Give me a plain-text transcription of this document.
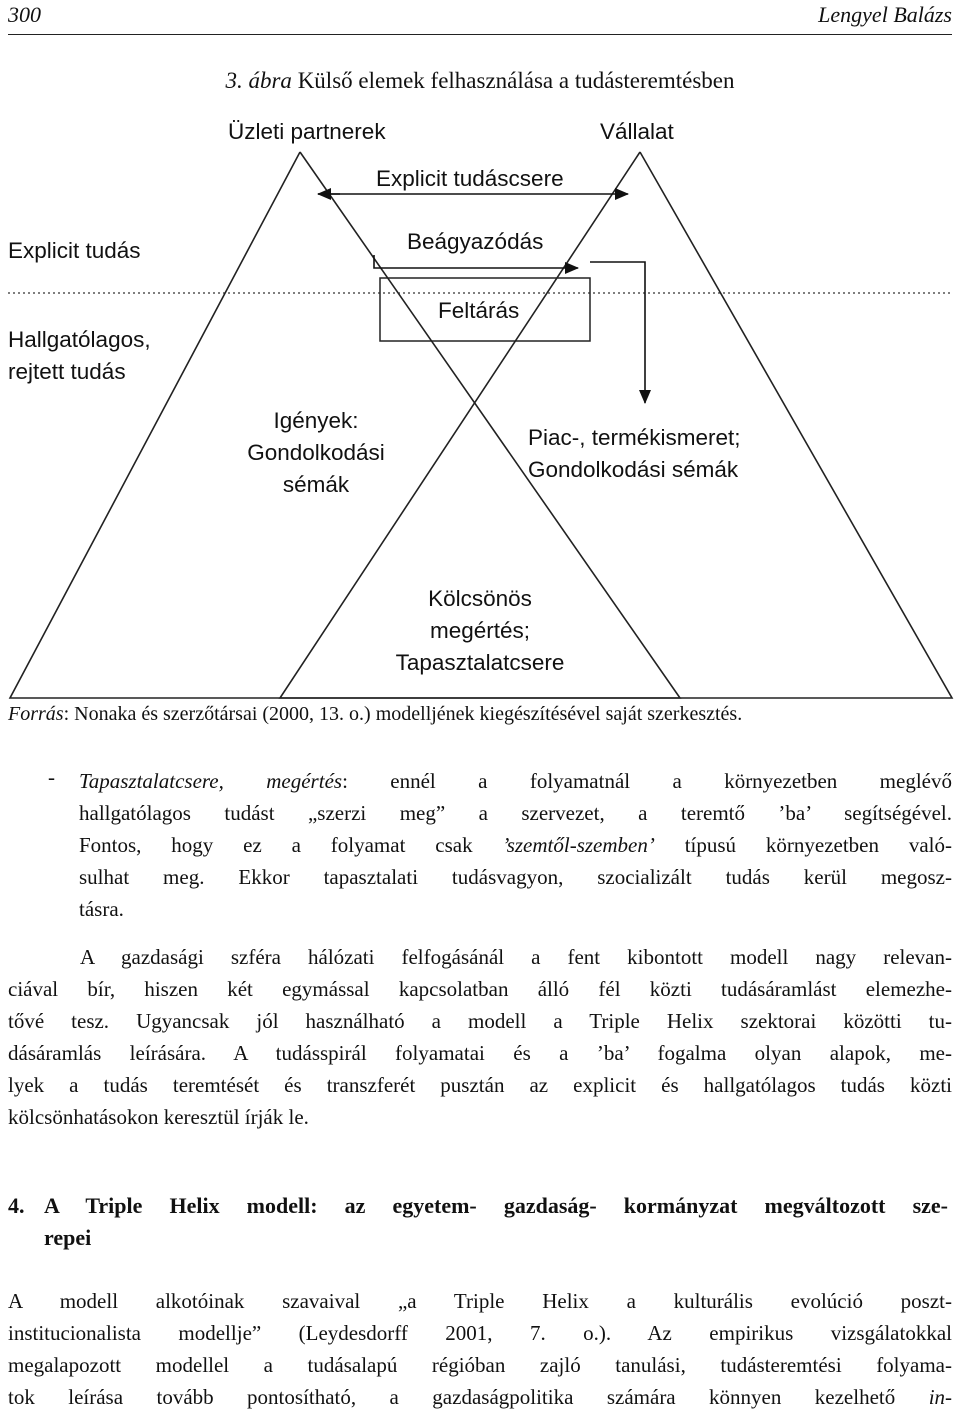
300	Lengyel Balázs
3. ábra Külső elemek felhasználása a tudásteremtésben
Üzleti partnerek	Vállalat
Explicit tudáscsere
Explicit tudás	Beágyazódás
Hallgatólagos,
rejtett tudás
Feltárás
Igények:
Gondolkodási
sémák
Piac-, termékismeret;
Gondolkodási sémák
Kölcsönös
megértés;
Tapasztalatcsere
Forrás: Nonaka és szerzőtársai (2000, 13. o.) modelljének kiegészítésével saját szerkesztés.
- Tapasztalatcsere, megértés: ennél a folyamatnál a környezetben meglévő
hallgatólagos tudást „szerzi meg” a szervezet, a teremtő ’ba’ segítségével.
Fontos, hogy ez a folyamat csak ’szemtől-szemben’ típusú környezetben való-
sulhat meg. Ekkor tapasztalati tudásvagyon, szocializált tudás kerül megosz-
tásra.
A gazdasági szféra hálózati felfogásánál a fent kibontott modell nagy relevan-
ciával bír, hiszen két egymással kapcsolatban álló fél közti tudásáramlást elemezhe-
tővé tesz. Ugyancsak jól használható a modell a Triple Helix szektorai közötti tu-
dásáramlás leírására. A tudásspirál folyamatai és a ’ba’ fogalma olyan alapok, me-
lyek a tudás teremtését és transzferét pusztán az explicit és hallgatólagos tudás közti
kölcsönhatásokon keresztül írják le.
4. A Triple Helix modell: az egyetem- gazdaság- kormányzat megváltozott sze-
repei
A modell alkotóinak szavaival „a Triple Helix a kulturális evolúció poszt-
institucionalista modellje” (Leydesdorff 2001, 7. o.). Az empirikus vizsgálatokkal
megalapozott modellel a tudásalapú régióban zajló tanulási, tudásteremtési folyama-
tok leírása tovább pontosítható, a gazdaságpolitika számára könnyen kezelhető in-
